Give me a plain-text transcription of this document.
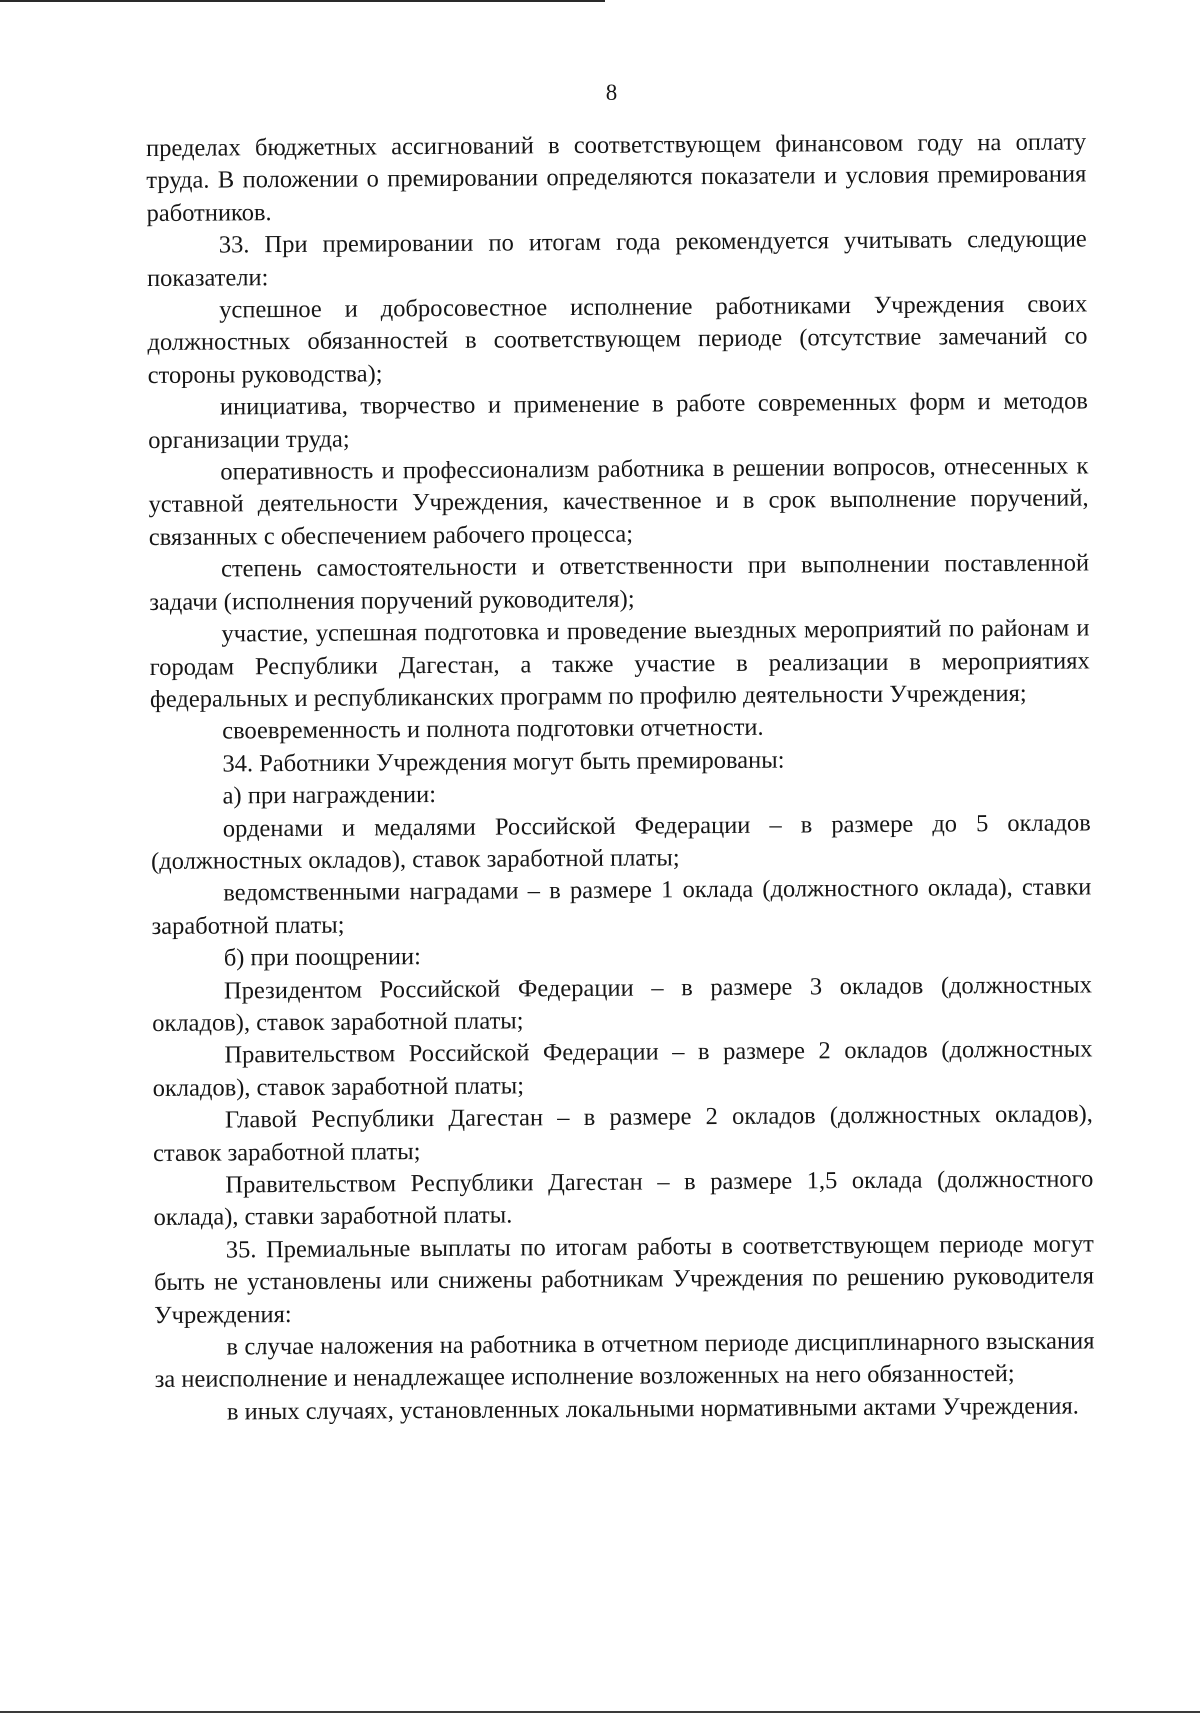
8

пределах бюджетных ассигнований в соответствующем финансовом году на оплату труда. В положении о премировании определяются показатели и условия премирования работников.

33. При премировании по итогам года рекомендуется учитывать следующие показатели:

успешное и добросовестное исполнение работниками Учреждения своих должностных обязанностей в соответствующем периоде (отсутствие замечаний со стороны руководства);

инициатива, творчество и применение в работе современных форм и методов организации труда;

оперативность и профессионализм работника в решении вопросов, отнесенных к уставной деятельности Учреждения, качественное и в срок выполнение поручений, связанных с обеспечением рабочего процесса;

степень самостоятельности и ответственности при выполнении поставленной задачи (исполнения поручений руководителя);

участие, успешная подготовка и проведение выездных мероприятий по районам и городам Республики Дагестан, а также участие в реализации в мероприятиях федеральных и республиканских программ по профилю деятельности Учреждения;

своевременность и полнота подготовки отчетности.

34. Работники Учреждения могут быть премированы:

а) при награждении:

орденами и медалями Российской Федерации – в размере до 5 окладов (должностных окладов), ставок заработной платы;

ведомственными наградами – в размере 1 оклада (должностного оклада), ставки заработной платы;

б) при поощрении:

Президентом Российской Федерации – в размере 3 окладов (должностных окладов), ставок заработной платы;

Правительством Российской Федерации – в размере 2 окладов (должностных окладов), ставок заработной платы;

Главой Республики Дагестан – в размере 2 окладов (должностных окладов), ставок заработной платы;

Правительством Республики Дагестан – в размере 1,5 оклада (должностного оклада), ставки заработной платы.

35. Премиальные выплаты по итогам работы в соответствующем периоде могут быть не установлены или снижены работникам Учреждения по решению руководителя Учреждения:

в случае наложения на работника в отчетном периоде дисциплинарного взыскания за неисполнение и ненадлежащее исполнение возложенных на него обязанностей;

в иных случаях, установленных локальными нормативными актами Учреждения.
